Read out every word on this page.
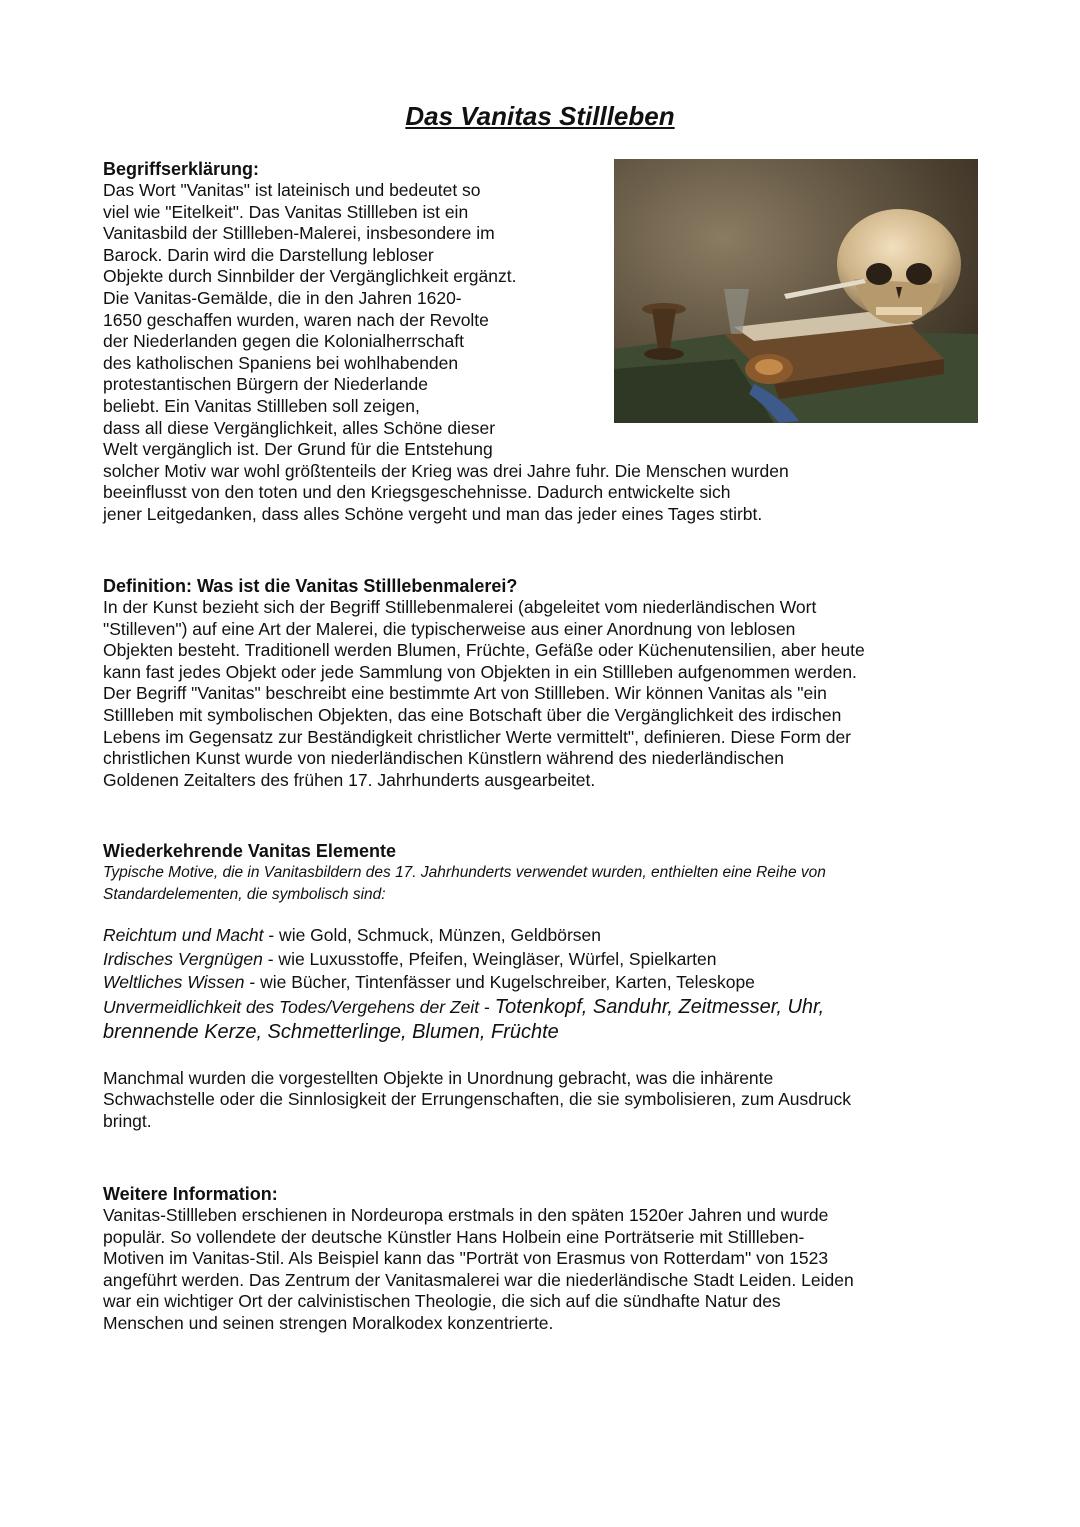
Das Vanitas Stillleben
Begriffserklärung:
Das Wort "Vanitas" ist lateinisch und bedeutet so
viel wie "Eitelkeit". Das Vanitas Stillleben ist ein
Vanitasbild der Stillleben-Malerei, insbesondere im
Barock. Darin wird die Darstellung lebloser
Objekte durch Sinnbilder der Vergänglichkeit ergänzt.
Die Vanitas-Gemälde, die in den Jahren 1620-
1650 geschaffen wurden, waren nach der Revolte
der Niederlanden gegen die Kolonialherrschaft
des katholischen Spaniens bei wohlhabenden
protestantischen Bürgern der Niederlande
beliebt. Ein Vanitas Stillleben soll zeigen,
dass all diese Vergänglichkeit, alles Schöne dieser
Welt vergänglich ist. Der Grund für die Entstehung
solcher Motiv war wohl größtenteils der Krieg was drei Jahre fuhr. Die Menschen wurden
beeinflusst von den toten und den Kriegsgeschehnisse. Dadurch entwickelte sich
jener Leitgedanken, dass alles Schöne vergeht und man das jeder eines Tages stirbt.
Definition: Was ist die Vanitas Stilllebenmalerei?
In der Kunst bezieht sich der Begriff Stilllebenmalerei (abgeleitet vom niederländischen Wort
"Stilleven") auf eine Art der Malerei, die typischerweise aus einer Anordnung von leblosen
Objekten besteht. Traditionell werden Blumen, Früchte, Gefäße oder Küchenutensilien, aber heute
kann fast jedes Objekt oder jede Sammlung von Objekten in ein Stillleben aufgenommen werden.
Der Begriff "Vanitas" beschreibt eine bestimmte Art von Stillleben. Wir können Vanitas als "ein
Stillleben mit symbolischen Objekten, das eine Botschaft über die Vergänglichkeit des irdischen
Lebens im Gegensatz zur Beständigkeit christlicher Werte vermittelt", definieren. Diese Form der
christlichen Kunst wurde von niederländischen Künstlern während des niederländischen
Goldenen Zeitalters des frühen 17. Jahrhunderts ausgearbeitet.
Wiederkehrende Vanitas Elemente
Typische Motive, die in Vanitasbildern des 17. Jahrhunderts verwendet wurden, enthielten eine Reihe von
Standardelementen, die symbolisch sind:
Reichtum und Macht - wie Gold, Schmuck, Münzen, Geldbörsen
Irdisches Vergnügen - wie Luxusstoffe, Pfeifen, Weingläser, Würfel, Spielkarten
Weltliches Wissen - wie Bücher, Tintenfässer und Kugelschreiber, Karten, Teleskope
Unvermeidlichkeit des Todes/Vergehens der Zeit - Totenkopf, Sanduhr, Zeitmesser, Uhr,
brennende Kerze, Schmetterlinge, Blumen, Früchte
Manchmal wurden die vorgestellten Objekte in Unordnung gebracht, was die inhärente
Schwachstelle oder die Sinnlosigkeit der Errungenschaften, die sie symbolisieren, zum Ausdruck
bringt.
Weitere Information:
Vanitas-Stillleben erschienen in Nordeuropa erstmals in den späten 1520er Jahren und wurde
populär. So vollendete der deutsche Künstler Hans Holbein eine Porträtserie mit Stillleben-
Motiven im Vanitas-Stil. Als Beispiel kann das "Porträt von Erasmus von Rotterdam" von 1523
angeführt werden. Das Zentrum der Vanitasmalerei war die niederländische Stadt Leiden. Leiden
war ein wichtiger Ort der calvinistischen Theologie, die sich auf die sündhafte Natur des
Menschen und seinen strengen Moralkodex konzentrierte.
